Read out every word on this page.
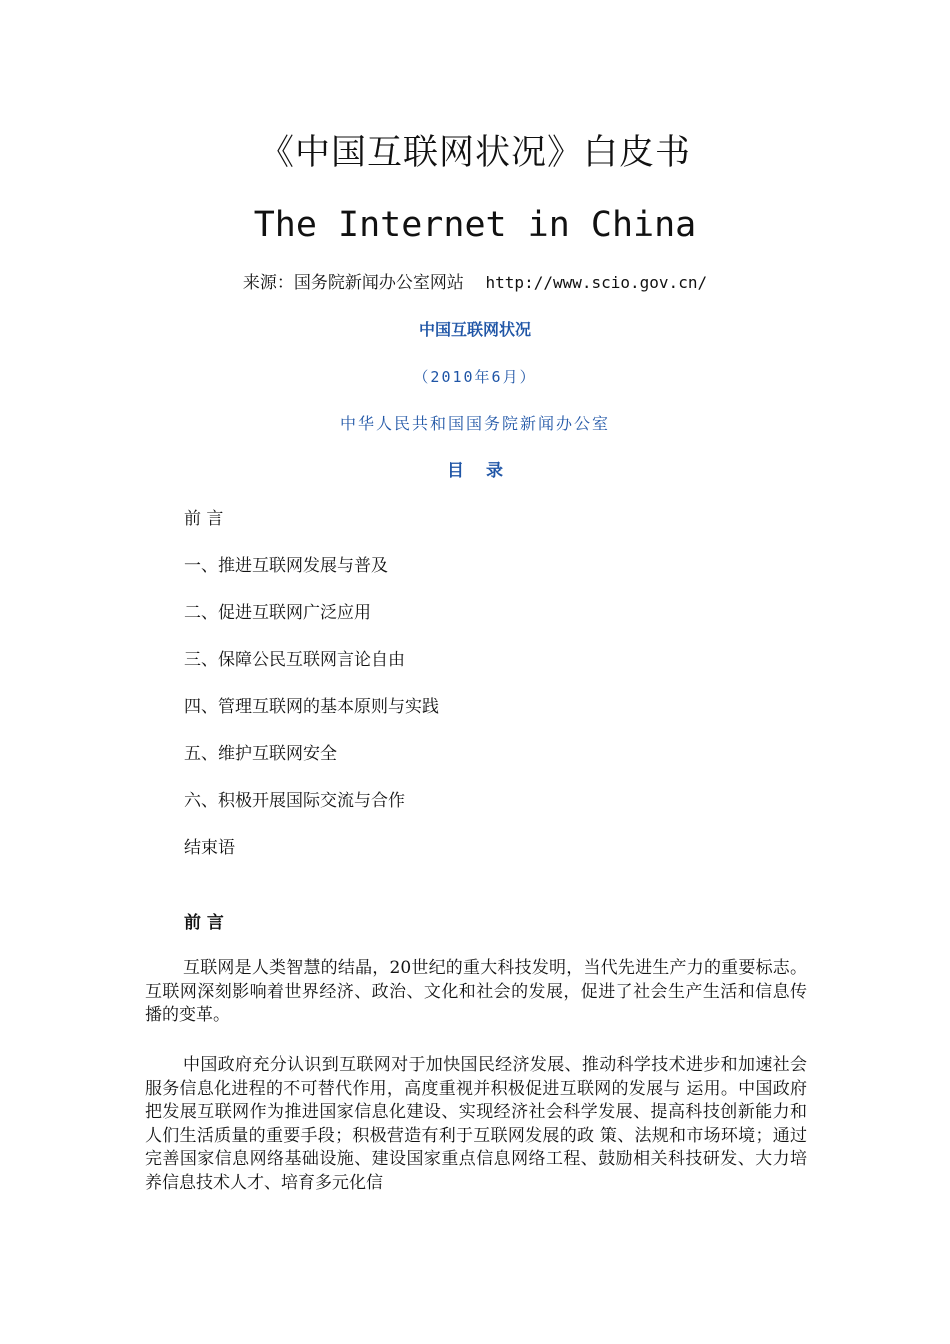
《中国互联网状况》白皮书
The Internet in China
来源：国务院新闻办公室网站 http://www.scio.gov.cn/
中国互联网状况
（2010年6月）
中华人民共和国国务院新闻办公室
目录
前 言
一、推进互联网发展与普及
二、促进互联网广泛应用
三、保障公民互联网言论自由
四、管理互联网的基本原则与实践
五、维护互联网安全
六、积极开展国际交流与合作
结束语
前 言

互联网是人类智慧的结晶，20世纪的重大科技发明，当代先进生产力的重要标志。互联网深刻影响着世界经济、政治、文化和社会的发展，促进了社会生产生活和信息传播的变革。

中国政府充分认识到互联网对于加快国民经济发展、推动科学技术进步和加速社会服务信息化进程的不可替代作用，高度重视并积极促进互联网的发展与 运用。中国政府把发展互联网作为推进国家信息化建设、实现经济社会科学发展、提高科技创新能力和人们生活质量的重要手段；积极营造有利于互联网发展的政 策、法规和市场环境；通过完善国家信息网络基础设施、建设国家重点信息网络工程、鼓励相关科技研发、大力培养信息技术人才、培育多元化信
